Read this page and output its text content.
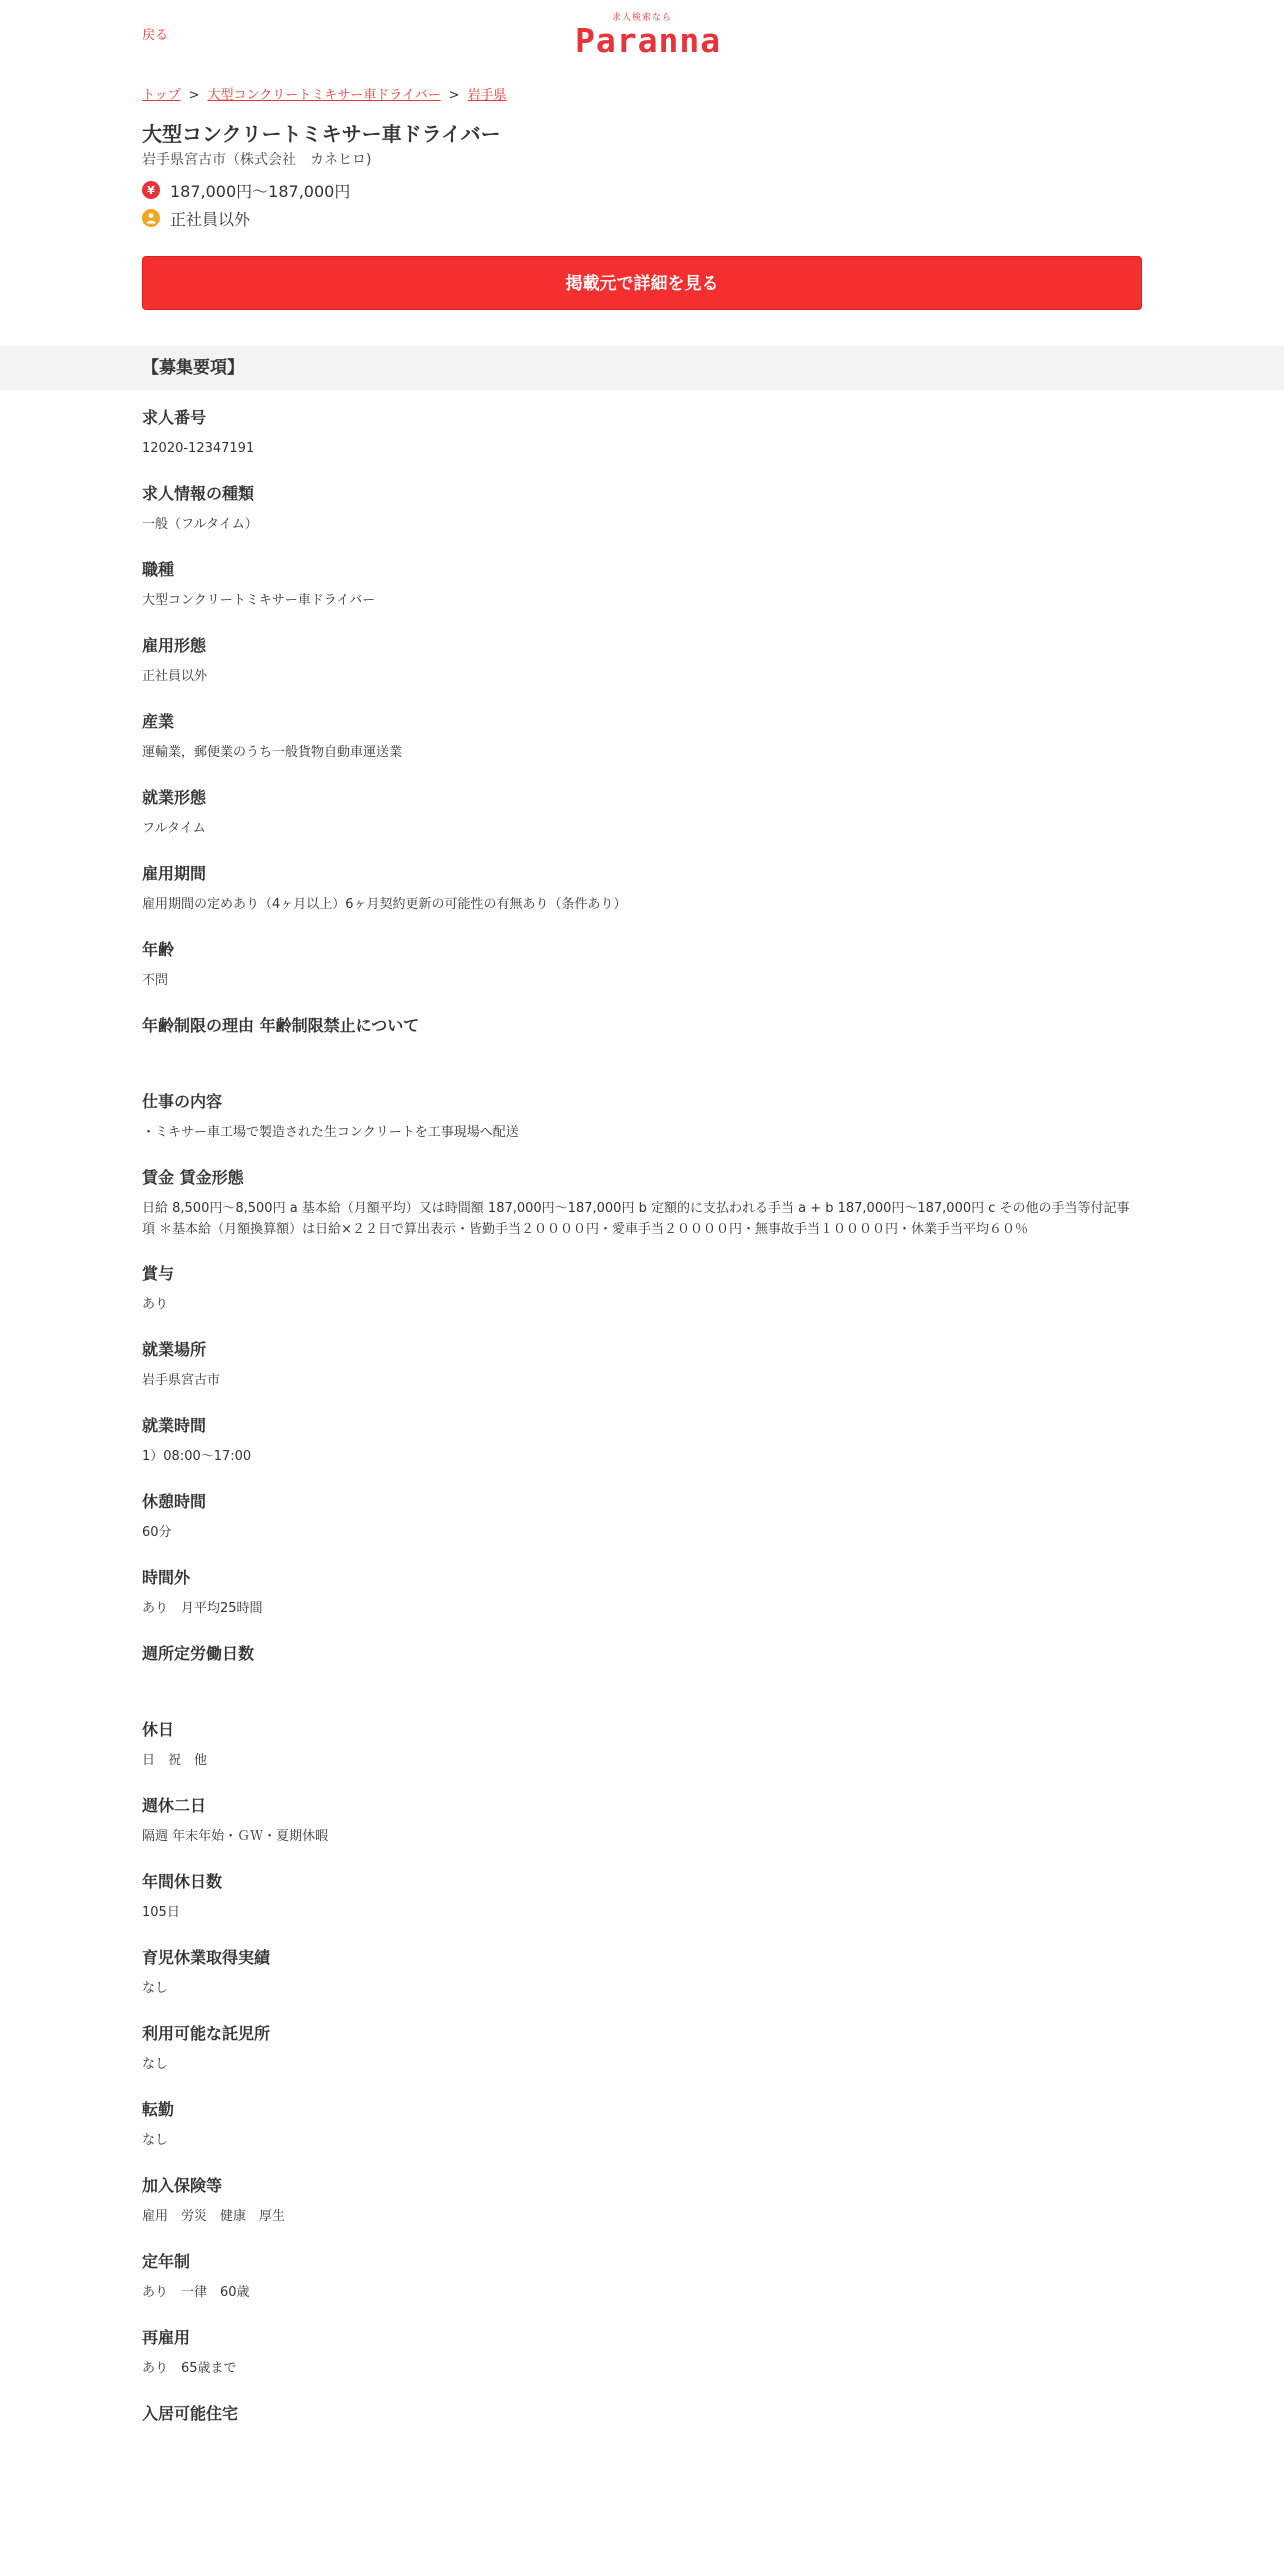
戻る
求人検索なら
Paranna
トップ > 大型コンクリートミキサー車ドライバー > 岩手県
大型コンクリートミキサー車ドライバー
岩手県宮古市（株式会社　カネヒロ)
¥ 187,000円～187,000円
正社員以外
掲載元で詳細を見る
【募集要項】
求人番号
12020-12347191
求人情報の種類
一般（フルタイム）
職種
大型コンクリートミキサー車ドライバー
雇用形態
正社員以外
産業
運輸業，郵便業のうち一般貨物自動車運送業
就業形態
フルタイム
雇用期間
雇用期間の定めあり（4ヶ月以上）6ヶ月契約更新の可能性の有無あり（条件あり）
年齢
不問
年齢制限の理由 年齢制限禁止について
仕事の内容
・ミキサー車工場で製造された生コンクリートを工事現場へ配送
賃金 賃金形態
日給 8,500円～8,500円 a 基本給（月額平均）又は時間額 187,000円～187,000円 b 定額的に支払われる手当 a + b 187,000円～187,000円 c その他の手当等付記事項 ＊基本給（月額換算額）は日給×２２日で算出表示・皆勤手当２００００円・愛車手当２００００円・無事故手当１００００円・休業手当平均６０％
賞与
あり
就業場所
岩手県宮古市
就業時間
1）08:00～17:00
休憩時間
60分
時間外
あり　月平均25時間
週所定労働日数
休日
日　祝　他
週休二日
隔週 年末年始・ＧＷ・夏期休暇
年間休日数
105日
育児休業取得実績
なし
利用可能な託児所
なし
転勤
なし
加入保険等
雇用　労災　健康　厚生
定年制
あり　一律　60歳
再雇用
あり　65歳まで
入居可能住宅
